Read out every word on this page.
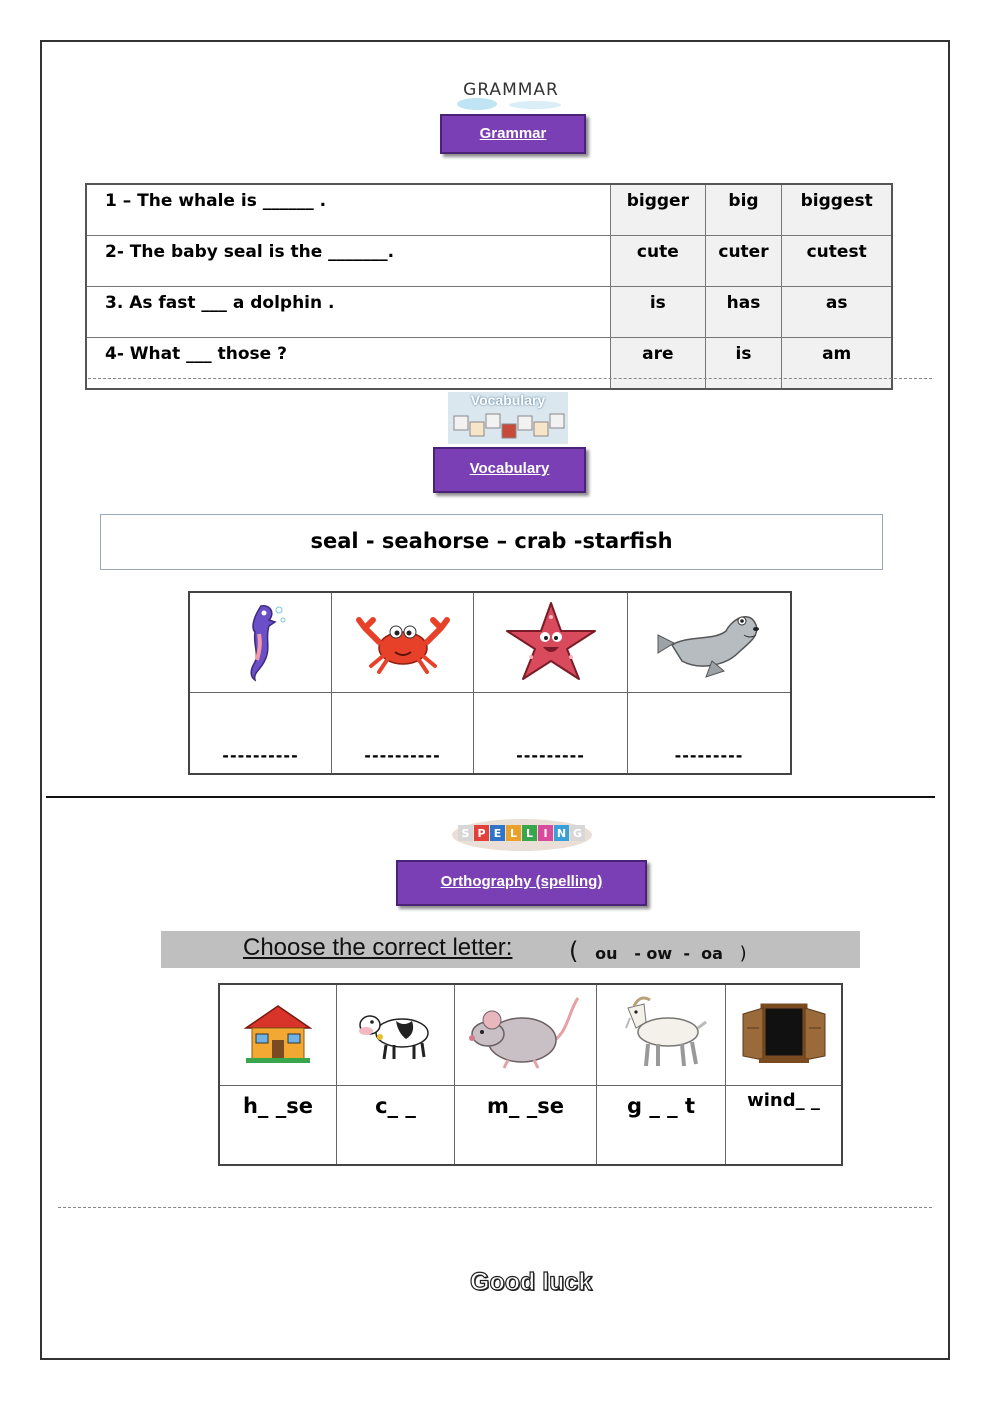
GRAMMAR
Grammar
1 – The whale is ______ .	bigger	big	biggest
2- The baby seal is the _______.	cute	cuter	cutest
3. As fast ___ a dolphin .	is	has	as
4- What ___ those ?	are	is	am
Vocabulary
Vocabulary
seal - seahorse – crab -starfish

----------	----------	---------	---------
S P E L L I N G
Orthography (spelling)
Choose the correct letter: ( ou   - ow  -  oa )

h_ _se	c_ _	m_ _se	g _ _ t	wind_ _
Good luck
